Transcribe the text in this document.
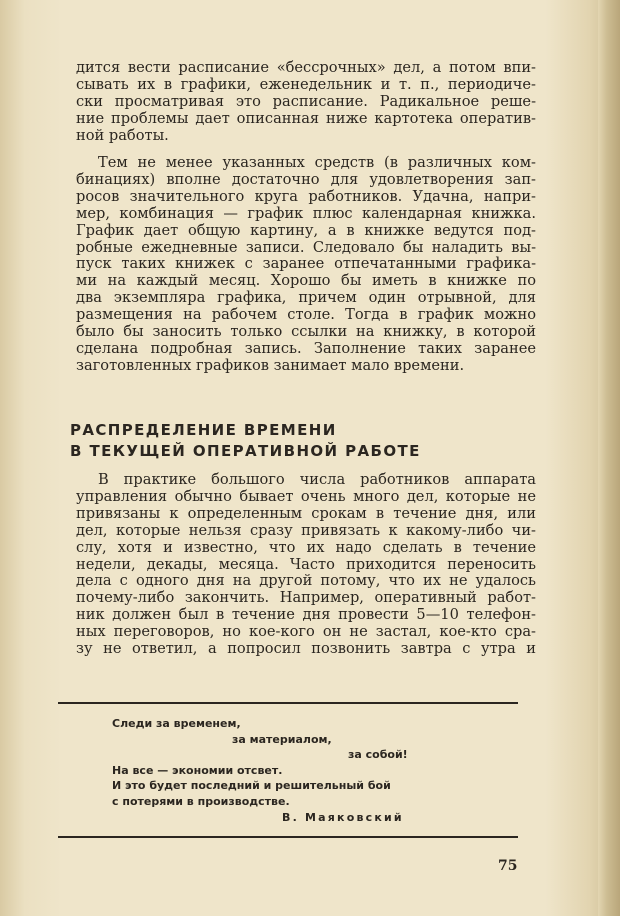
дится вести расписание «бессрочных» дел, а потом впи-

сывать их в графики, еженедельник и т. п., периодиче-

ски просматривая это расписание. Радикальное реше-

ние проблемы дает описанная ниже картотека оператив-

ной работы.

Тем не менее указанных средств (в различных ком-

бинациях) вполне достаточно для удовлетворения зап-

росов значительного круга работников. Удачна, напри-

мер, комбинация — график плюс календарная книжка.

График дает общую картину, а в книжке ведутся под-

робные ежедневные записи. Следовало бы наладить вы-

пуск таких книжек с заранее отпечатанными графика-

ми на каждый месяц. Хорошо бы иметь в книжке по

два экземпляра графика, причем один отрывной, для

размещения на рабочем столе. Тогда в график можно

было бы заносить только ссылки на книжку, в которой

сделана подробная запись. Заполнение таких заранее

заготовленных графиков занимает мало времени.

РАСПРЕДЕЛЕНИЕ ВРЕМЕНИ
В ТЕКУЩЕЙ ОПЕРАТИВНОЙ РАБОТЕ

В практике большого числа работников аппарата

управления обычно бывает очень много дел, которые не

привязаны к определенным срокам в течение дня, или

дел, которые нельзя сразу привязать к какому-либо чи-

слу, хотя и известно, что их надо сделать в течение

недели, декады, месяца. Часто приходится переносить

дела с одного дня на другой потому, что их не удалось

почему-либо закончить. Например, оперативный работ-

ник должен был в течение дня провести 5—10 телефон-

ных переговоров, но кое-кого он не застал, кое-кто сра-

зу не ответил, а попросил позвонить завтра с утра и

Следи за временем,
за материалом,
за собой!
На все — экономии отсвет.
И это будет последний и решительный бой
с потерями в производстве.
В. Маяковский
75
